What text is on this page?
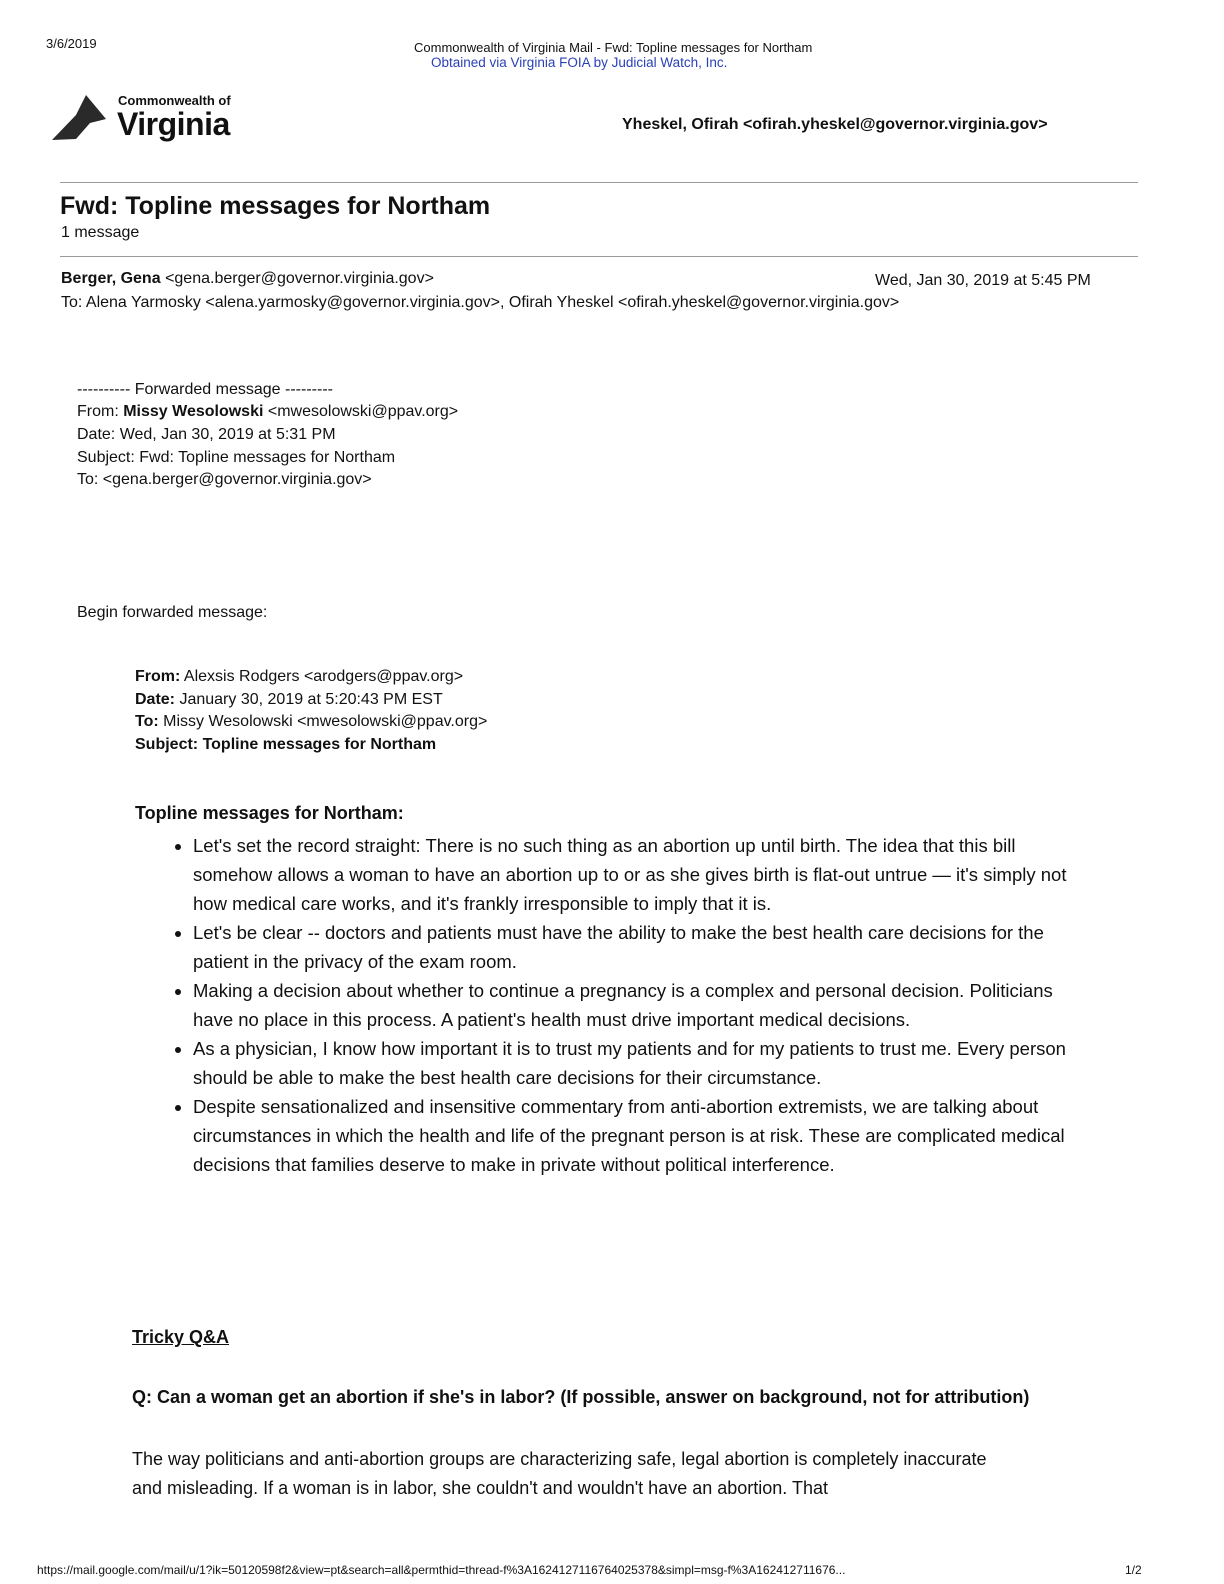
3/6/2019	Commonwealth of Virginia Mail - Fwd: Topline messages for Northam
Obtained via Virginia FOIA by Judicial Watch, Inc.
Commonwealth of
Virginia	Yheskel, Ofirah <ofirah.yheskel@governor.virginia.gov>
Fwd: Topline messages for Northam
1 message
Berger, Gena <gena.berger@governor.virginia.gov>	Wed, Jan 30, 2019 at 5:45 PM
To: Alena Yarmosky <alena.yarmosky@governor.virginia.gov>, Ofirah Yheskel <ofirah.yheskel@governor.virginia.gov>
---------- Forwarded message ---------
From: Missy Wesolowski <mwesolowski@ppav.org>
Date: Wed, Jan 30, 2019 at 5:31 PM
Subject: Fwd: Topline messages for Northam
To: <gena.berger@governor.virginia.gov>
Begin forwarded message:
From: Alexsis Rodgers <arodgers@ppav.org>
Date: January 30, 2019 at 5:20:43 PM EST
To: Missy Wesolowski <mwesolowski@ppav.org>
Subject: Topline messages for Northam
Topline messages for Northam:
• Let's set the record straight: There is no such thing as an abortion up until birth. The idea that this bill somehow allows a woman to have an abortion up to or as she gives birth is flat-out untrue — it's simply not how medical care works, and it's frankly irresponsible to imply that it is.
• Let's be clear -- doctors and patients must have the ability to make the best health care decisions for the patient in the privacy of the exam room.
• Making a decision about whether to continue a pregnancy is a complex and personal decision. Politicians have no place in this process. A patient's health must drive important medical decisions.
• As a physician, I know how important it is to trust my patients and for my patients to trust me. Every person should be able to make the best health care decisions for their circumstance.
• Despite sensationalized and insensitive commentary from anti-abortion extremists, we are talking about circumstances in which the health and life of the pregnant person is at risk. These are complicated medical decisions that families deserve to make in private without political interference.
Tricky Q&A
Q: Can a woman get an abortion if she's in labor? (If possible, answer on background, not for attribution)
The way politicians and anti-abortion groups are characterizing safe, legal abortion is completely inaccurate and misleading. If a woman is in labor, she couldn't and wouldn't have an abortion. That
https://mail.google.com/mail/u/1?ik=50120598f2&view=pt&search=all&permthid=thread-f%3A1624127116764025378&simpl=msg-f%3A162412711676...	1/2
